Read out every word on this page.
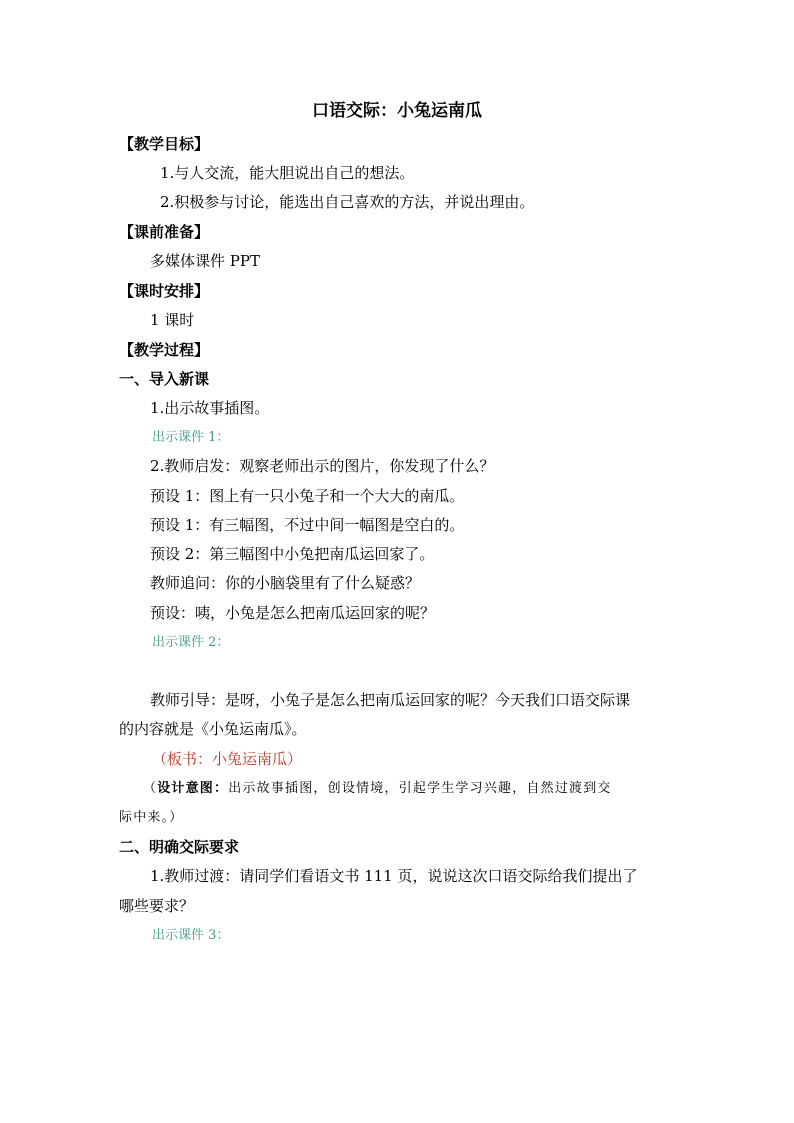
口语交际：小兔运南瓜
【教学目标】
1.与人交流，能大胆说出自己的想法。
2.积极参与讨论，能选出自己喜欢的方法，并说出理由。
【课前准备】
多媒体课件 PPT
【课时安排】
1 课时
【教学过程】
一、导入新课
1.出示故事插图。
出示课件 1：
2.教师启发：观察老师出示的图片，你发现了什么？
预设 1：图上有一只小兔子和一个大大的南瓜。
预设 1：有三幅图，不过中间一幅图是空白的。
预设 2：第三幅图中小兔把南瓜运回家了。
教师追问：你的小脑袋里有了什么疑惑？
预设：咦，小兔是怎么把南瓜运回家的呢？
出示课件 2：
教师引导：是呀，小兔子是怎么把南瓜运回家的呢？今天我们口语交际课
的内容就是《小兔运南瓜》。
（板书：小兔运南瓜）
（设计意图：出示故事插图，创设情境，引起学生学习兴趣，自然过渡到交
际中来。）
二、明确交际要求
1.教师过渡：请同学们看语文书 111 页，说说这次口语交际给我们提出了
哪些要求？
出示课件 3：
